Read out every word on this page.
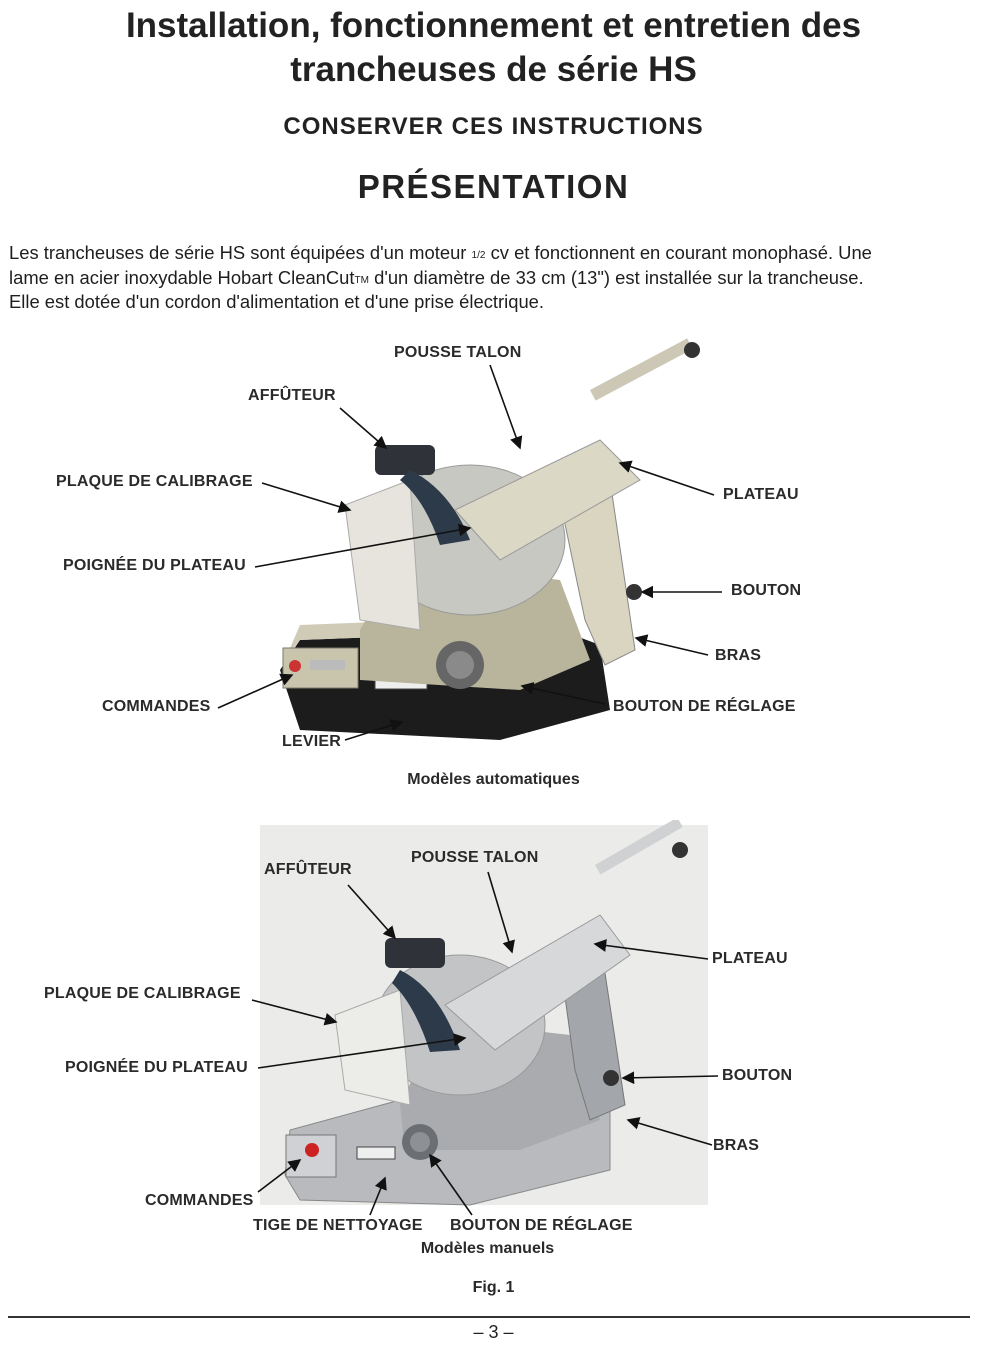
Installation, fonctionnement et entretien des
trancheuses de série HS
CONSERVER CES INSTRUCTIONS
PRÉSENTATION
Les trancheuses de série HS sont équipées d'un moteur $^{1/2}$ cv et fonctionnent en courant monophasé. Une
lame en acier inoxydable Hobart CleanCut™ d'un diamètre de 33 cm (13") est installée sur la trancheuse.
Elle est dotée d'un cordon d'alimentation et d'une prise électrique.
POUSSE TALON
AFFÛTEUR
PLAQUE DE CALIBRAGE
PLATEAU
POIGNÉE DU PLATEAU
BOUTON
BRAS
COMMANDES	BOUTON DE RÉGLAGE
LEVIER
Modèles automatiques
AFFÛTEUR
POUSSE TALON
PLATEAU
PLAQUE DE CALIBRAGE
POIGNÉE DU PLATEAU	BOUTON
BRAS
COMMANDES
TIGE DE NETTOYAGE BOUTON DE RÉGLAGE
Modèles manuels
Fig. 1
– 3 –
